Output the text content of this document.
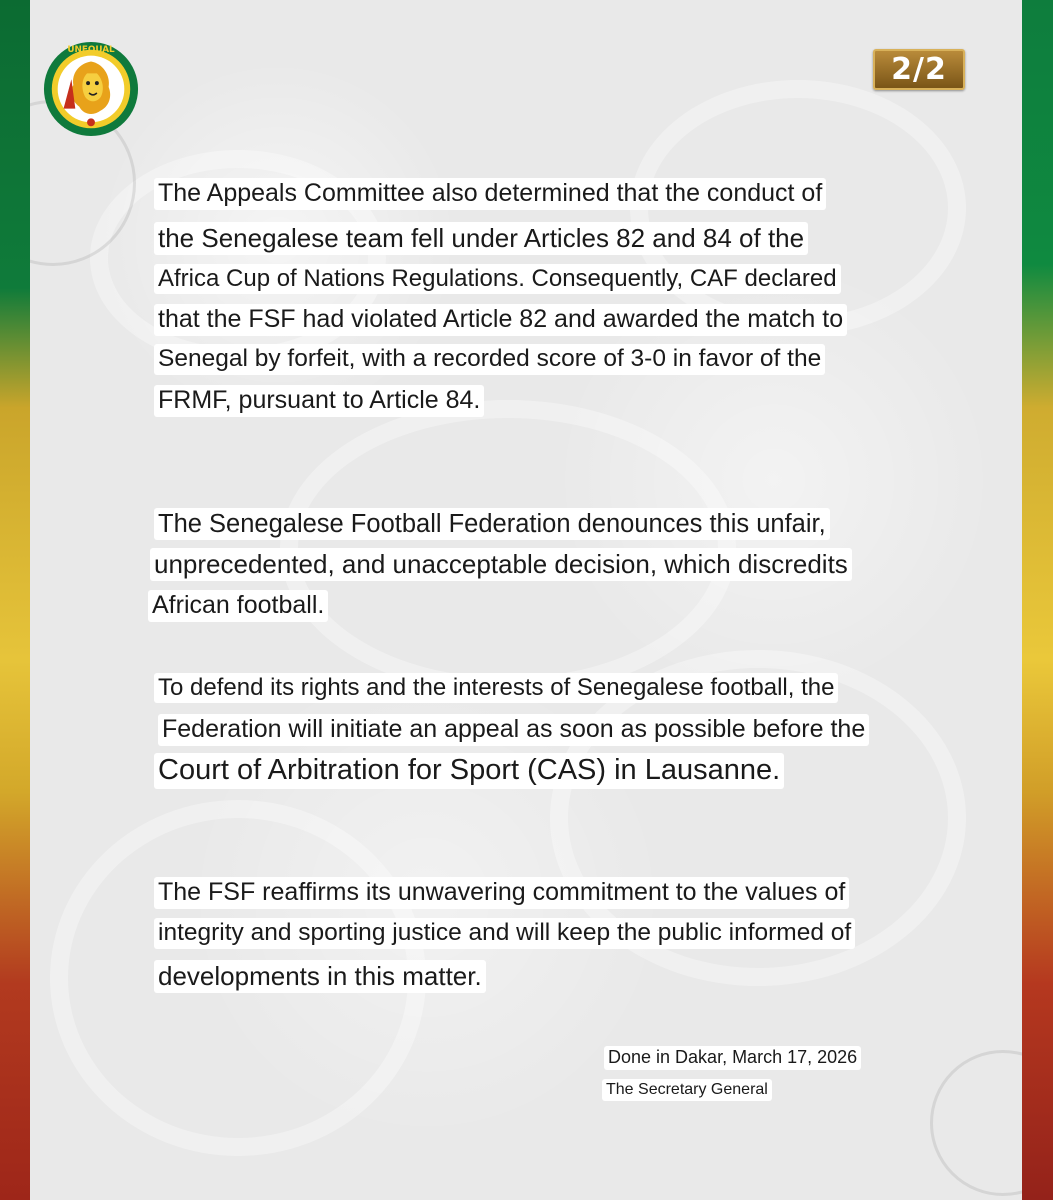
UNEQUAL
2/2
The Appeals Committee also determined that the conduct of
the Senegalese team fell under Articles 82 and 84 of the
Africa Cup of Nations Regulations. Consequently, CAF declared
that the FSF had violated Article 82 and awarded the match to
Senegal by forfeit, with a recorded score of 3-0 in favor of the
FRMF, pursuant to Article 84.
The Senegalese Football Federation denounces this unfair,
unprecedented, and unacceptable decision, which discredits
African football.
To defend its rights and the interests of Senegalese football, the
Federation will initiate an appeal as soon as possible before the
Court of Arbitration for Sport (CAS) in Lausanne.
The FSF reaffirms its unwavering commitment to the values of
integrity and sporting justice and will keep the public informed of
developments in this matter.
Done in Dakar, March 17, 2026
The Secretary General
